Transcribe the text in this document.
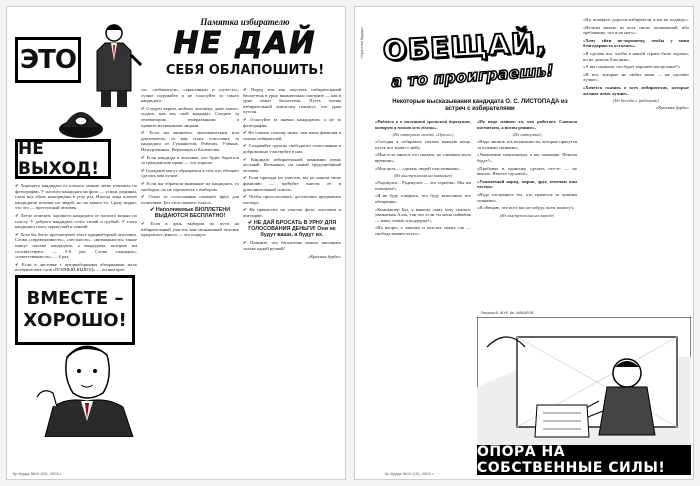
ЭТО
НЕ ВЫХОД!
Памятка избирателю
НЕ ДАЙ
СЕБЯ ОБЛАПОШИТЬ!

✔ Хорошего кандидата от плохого можно легко отличить по фотографии. У плохого кандидата на фото — усики, родинки, глаза под лбом, наморщены в углу рта. Иногда лица плохих кандидатов похожи на людей, но на какого-то. Сразу видно, что это — преступный человек.

✔ Легче отличить хорошего кандидата от плохого можно по голосу. У доброго кандидата голос тихий и грубый. У злого кандидата голос скрипучий и тонкий.

✔ Хотя бы бегло просмотрите текст предвыборной листовки. Слова «справедливость», «честность», «возможности» также пишут плохие кандидаты, а кандидаты, которые им соответствуют — 5-6 раз. Слова «порядок», «ответственность» — 6 раз.

✔ Если в листовке с предвыборными обещаниями мало истерических слов «ПОЛНЫЙ ВЫВОД» — он вам врёт.

ВМЕСТЕ –
ХОРОШО!

та», «избавиться», «крысиным» и «сучесть», лучше подумайте и не голосуйте за такого кандидата.

✔ Следует верить любому человеку, даже такого, ходите, как мы свой кандидат. Следите за телевизором, генеральными и правительственными лицами.

✔ Если вы являетесь экономическим или дипломатом, то вам стоит голосовать за кандидата от Гуманистов, Рабочих, Учёных, Нетоделенных, Верующих и Казачества.

✔ Если кандидат в листовке, что будет бороться за гражданские права — это хорошо.

✔ Граждане могут обращаться к тем, кто обещает сделать вам лучше.

✔ Если вы обратили внимание на кандидата, то свободно, но не торопитесь с выбором.

✔ Отказ от голосования означает вред для политиков. Без этого вашего голоса.

✔ Наполняемые БЮЛЛЕТЕНИ ВЫДАЮТСЯ БЕСПЛАТНО!

✔ Если в день выборов по пути на избирательный участок вам незнакомый человек предлагает деньги — это подкуп.

✔ Перед тем как опустить избирательный бюллетень в урну, внимательно смотрите — как в урне лежат бюллетени. Пусть члены избирательной комиссии покажут, что урна пустая.

✔ Голосуйте за живых кандидатов, а не за фотографии.

✔ Не ставьте галочку ниже, чем ваша фамилия в списке избирателей.

✔ Создавайте группы свободного голосования и добровольно участвуйте в них.

✔ Кандидат избирательной компании очень честный. Возможно, он самый трудолюбивый человек.

✔ Если приходя на участок, вы не нашли свою фамилию — требуйте внести её в дополнительный список.

✔ Чтобы проголосовать, достаточно предъявить паспорт.

✔ Не приносите на участок фото, листовки и агитацию.

✔ НЕ ДАЙ БРОСАТЬ В УРНУ ДЛЯ ГОЛОСОВАНИЯ ДЕНЬГИ! Они не будут ваши, а будут их.

✔ Помните, что бюллетень можно заполнить только одной ручкой!

«Красная бурда»

Кр.бурда №10 (15), 2003 г.
«Красная бурда» ОБЕЩАЙ,
а то проиграешь!
Некоторые высказывания кандидата О. С. ЛИСТОПАДА из встреч с избирателями

«Родился я в маленькой уральской деревушке, которую я помню всю жизнь».

(Из интервью газете «Ореол»)

«Сегодня я собираюсь сказать важную вещь, пусть все знают о ней».

«Мне есть многое что сказать, но слишком мало времени».

«Моя цель — сделать людей счастливыми».

(Из выступления на митинге)

«Радикулит... Радикулит — это серьёзно. Мы им поможем!»

«Я не буду говорить, что буду выполнять все обещания».

«Компьютер Баз, я вашему сыну хочу сказать: уважаемая Алла, так что если ты меня поймёшь — вашу семью я поддержу!»

«На вопрос о законах и властях скажу так — свобода важнее всего».

«Не надо менять то, что работает. Сначала посчитаем, а потом решим».

(Из интервью)

«Надо лишить тех возможности, которые прячутся за чужими спинами».

«Уважаемые пенсионеры, я вас понимаю. Пенсии будут!»

«Пробовал в одиночку сделать что-то — не вышло. Вместе сделаем!»

«Уважаемый народ, моряк, друг, отвечаю вам честно»

«Надо отстранить тех, кто прячется за чужими спинами».

«Я обещаю, что всех вас не забуду, всем помогу!»

(Из выступления на заводе)

«Ну, поверьте, дорогие избиратели, я вас не подведу».

«Нельзы махать из всех своих полномочий, ибо требование, что я не могу».

«Хочу уйти по-хорошему, чтобы у меня благодарность осталась».

«Я сделаю все, чтобы в нашей стране было хорошо, но не дальше Ельцина».

«А вы слышали, что будет хорошее настроение?»

«И все, которые не любят меня — не сделают лучше».

«Хочется сказать о всех избирателях, которые желают жить лучше».

(Из беседы с рабочими)

«Красная бурда»

Рисунок В. ЖУК, Ан. МАКАРОВ
ОПОРА НА СОБСТВЕННЫЕ СИЛЫ!
Кр.бурда №10 (15), 2003 г.
